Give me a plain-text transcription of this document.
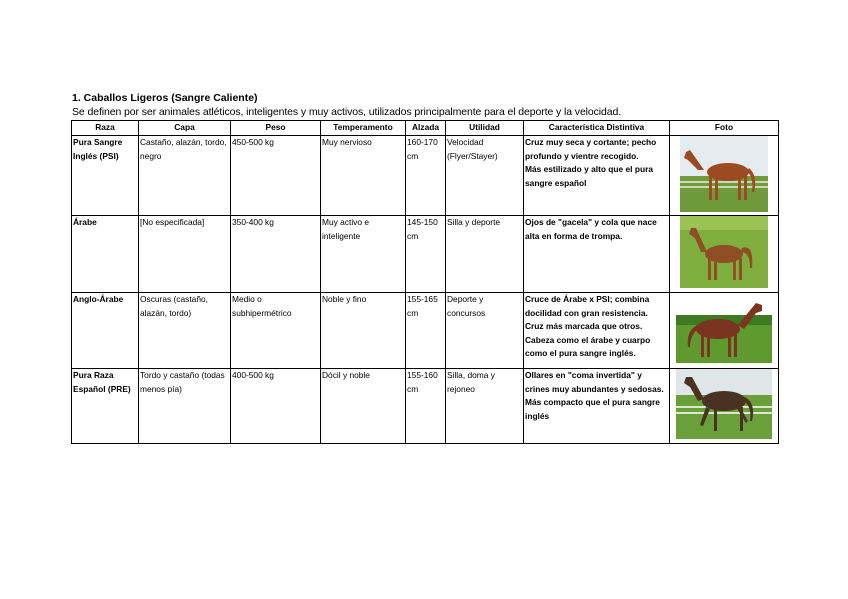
1. Caballos Ligeros (Sangre Caliente)
Se definen por ser animales atléticos, inteligentes y muy activos, utilizados principalmente para el deporte y la velocidad.
Raza	Capa	Peso	Temperamento	Alzada	Utilidad	Característica Distintiva	Foto
Pura Sangre Inglés (PSI)	Castaño, alazán, tordo, negro	450-500 kg	Muy nervioso	160-170 cm	Velocidad (Flyer/Stayer)	Cruz muy seca y cortante; pecho profundo y vientre recogido.
Más estilizado y alto que el pura sangre español

Árabe	[No especificada]	350-400 kg	Muy activo e inteligente	145-150 cm	Silla y deporte	Ojos de "gacela" y cola que nace alta en forma de trompa.

Anglo-Árabe	Oscuras (castaño, alazán, tordo)	Medio o subhipermétrico	Noble y fino	155-165 cm	Deporte y concursos	Cruce de Árabe x PSI; combina docilidad con gran resistencia.
Cruz más marcada que otros.
Cabeza como el árabe y cuarpo como el pura sangre inglés.

Pura Raza Español (PRE)	Tordo y castaño (todas menos pía)	400-500 kg	Dócil y noble	155-160 cm	Silla, doma y rejoneo	Ollares en "coma invertida" y crines muy abundantes y sedosas.
Más compacto que el pura sangre inglés
